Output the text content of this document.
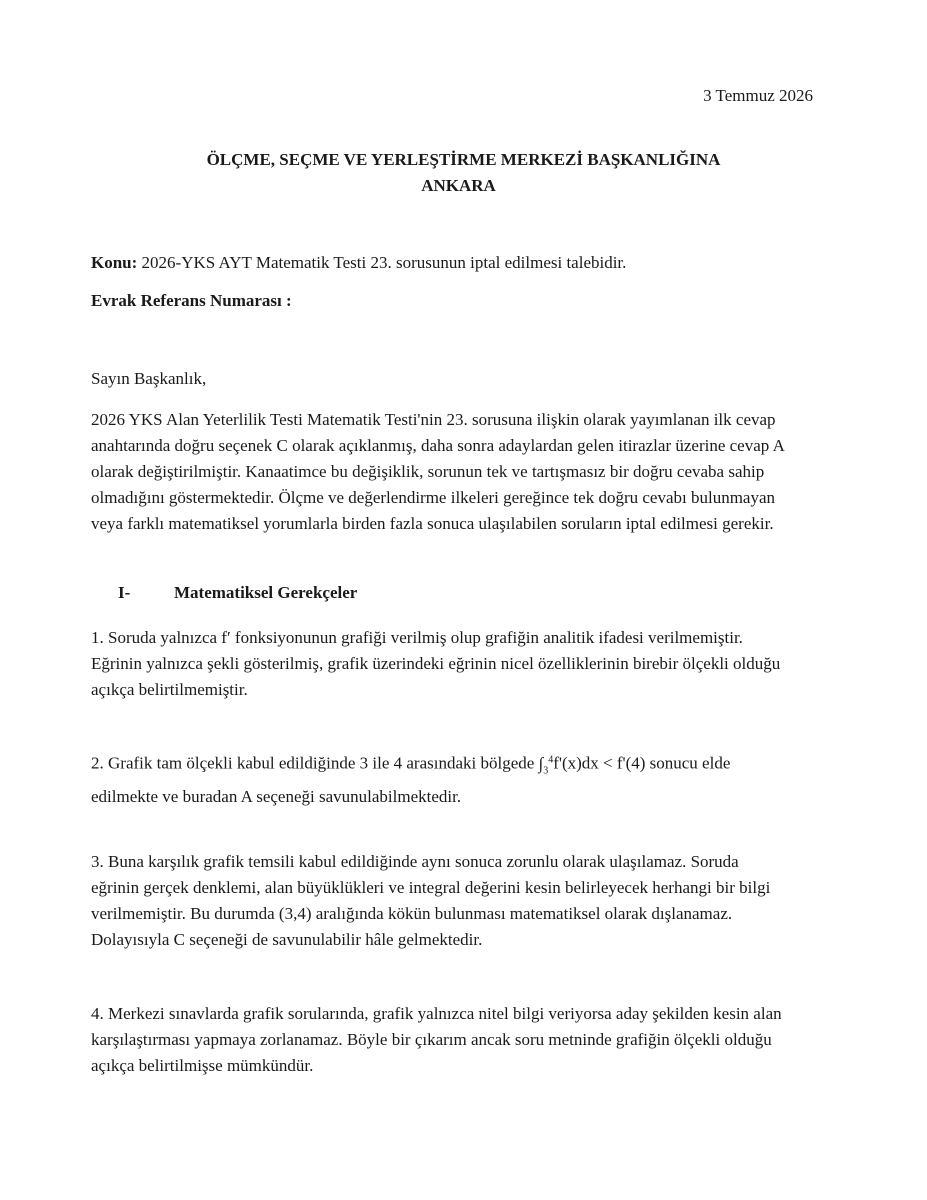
3 Temmuz 2026
ÖLÇME, SEÇME VE YERLEŞTİRME MERKEZİ BAŞKANLIĞINA
ANKARA
Konu: 2026-YKS AYT Matematik Testi 23. sorusunun iptal edilmesi talebidir.
Evrak Referans Numarası :
Sayın Başkanlık,
2026 YKS Alan Yeterlilik Testi Matematik Testi'nin 23. sorusuna ilişkin olarak yayımlanan ilk cevap
anahtarında doğru seçenek C olarak açıklanmış, daha sonra adaylardan gelen itirazlar üzerine cevap A
olarak değiştirilmiştir. Kanaatimce bu değişiklik, sorunun tek ve tartışmasız bir doğru cevaba sahip
olmadığını göstermektedir. Ölçme ve değerlendirme ilkeleri gereğince tek doğru cevabı bulunmayan
veya farklı matematiksel yorumlarla birden fazla sonuca ulaşılabilen soruların iptal edilmesi gerekir.
I-	Matematiksel Gerekçeler
1. Soruda yalnızca f′ fonksiyonunun grafiği verilmiş olup grafiğin analitik ifadesi verilmemiştir.
Eğrinin yalnızca şekli gösterilmiş, grafik üzerindeki eğrinin nicel özelliklerinin birebir ölçekli olduğu
açıkça belirtilmemiştir.
2. Grafik tam ölçekli kabul edildiğinde 3 ile 4 arasındaki bölgede $\int_3^4f'(x)dx < f'(4)$ sonucu elde
edilmekte ve buradan A seçeneği savunulabilmektedir.
3. Buna karşılık grafik temsili kabul edildiğinde aynı sonuca zorunlu olarak ulaşılamaz. Soruda
eğrinin gerçek denklemi, alan büyüklükleri ve integral değerini kesin belirleyecek herhangi bir bilgi
verilmemiştir. Bu durumda (3,4) aralığında kökün bulunması matematiksel olarak dışlanamaz.
Dolayısıyla C seçeneği de savunulabilir hâle gelmektedir.
4. Merkezi sınavlarda grafik sorularında, grafik yalnızca nitel bilgi veriyorsa aday şekilden kesin alan
karşılaştırması yapmaya zorlanamaz. Böyle bir çıkarım ancak soru metninde grafiğin ölçekli olduğu
açıkça belirtilmişse mümkündür.
